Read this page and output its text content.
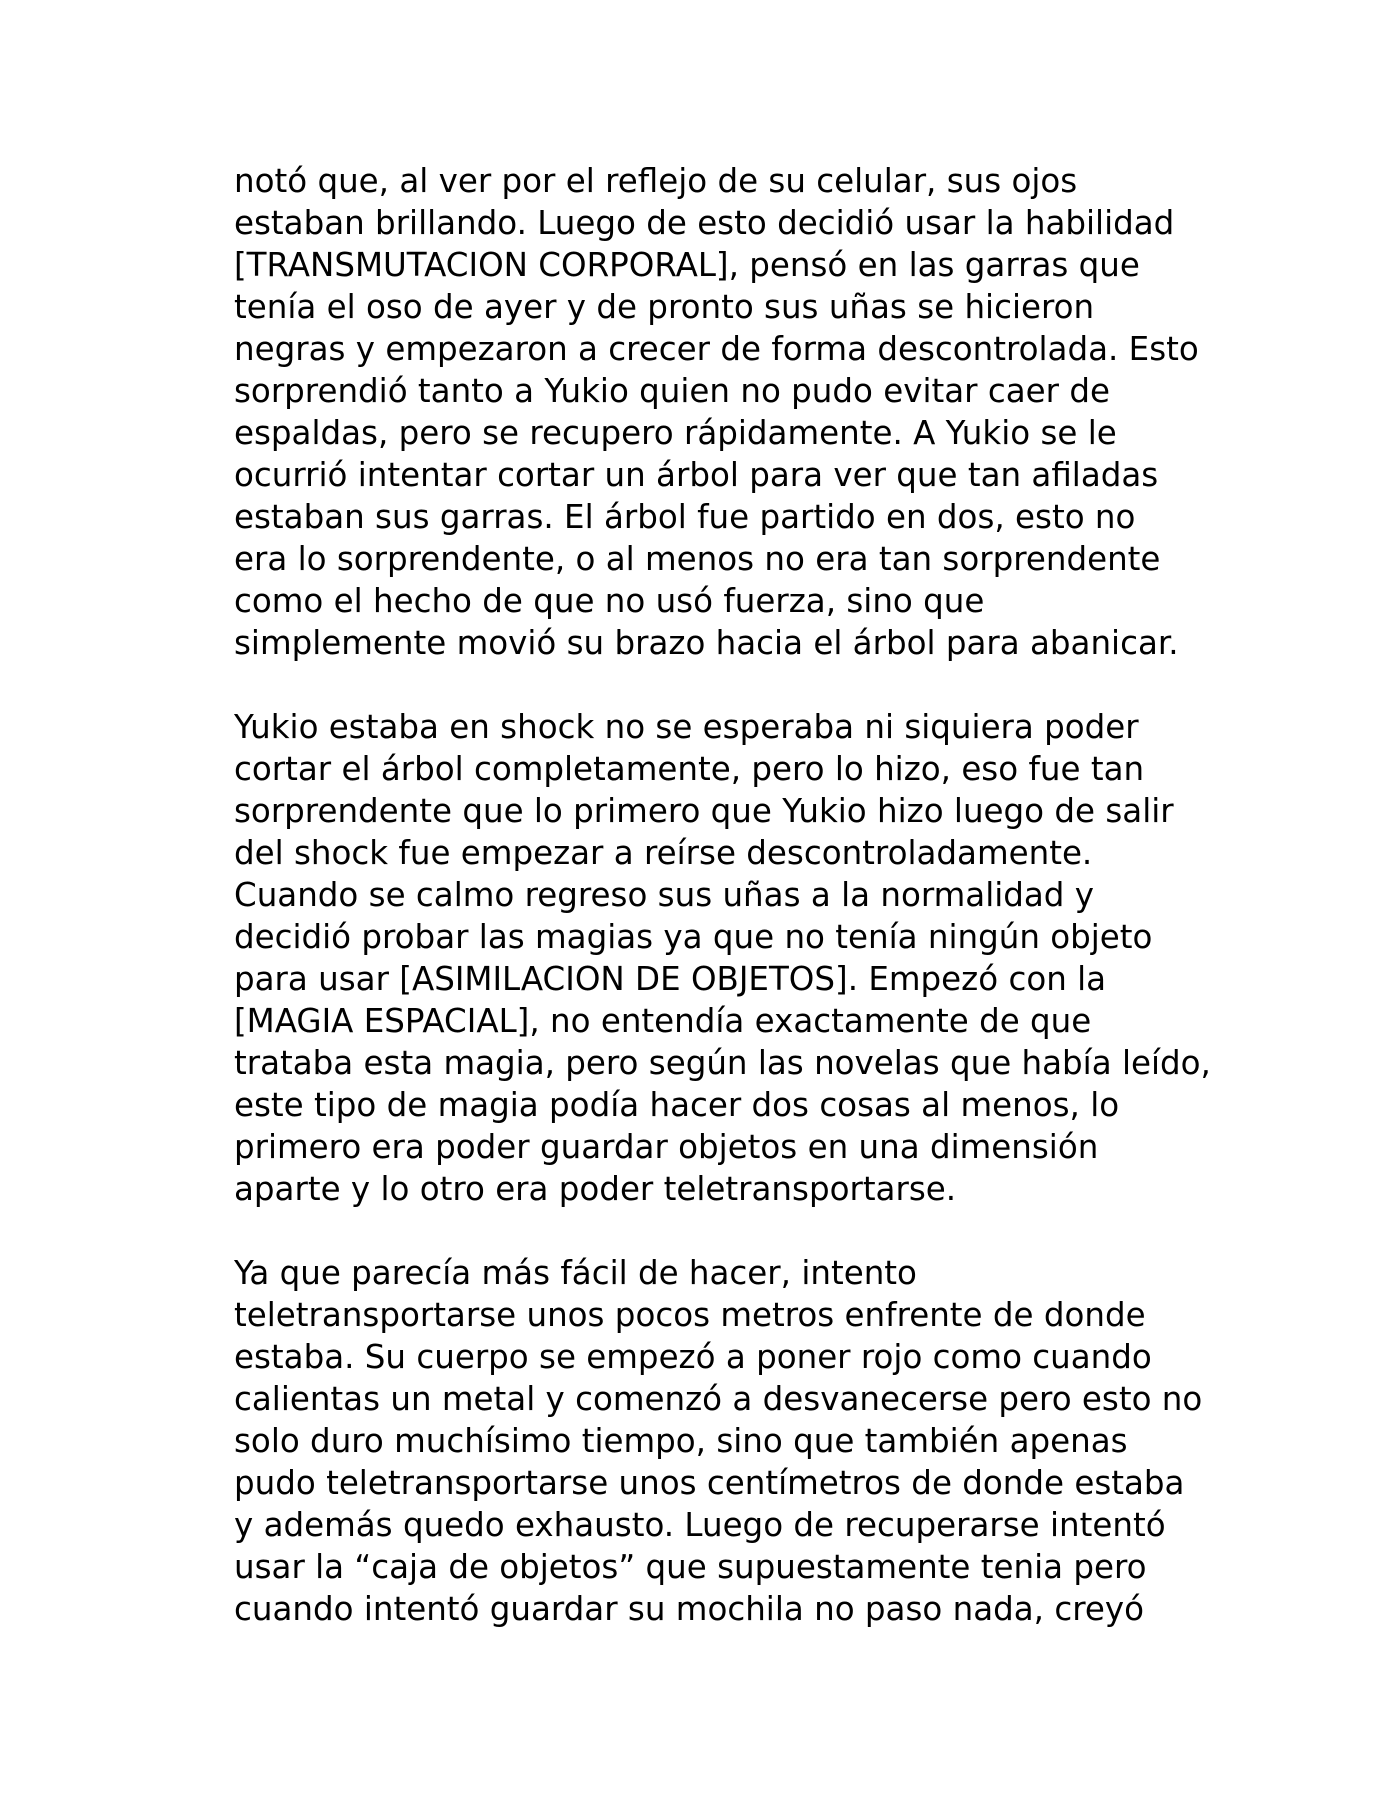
notó que, al ver por el reflejo de su celular, sus ojos
estaban brillando. Luego de esto decidió usar la habilidad
[TRANSMUTACION CORPORAL], pensó en las garras que
tenía el oso de ayer y de pronto sus uñas se hicieron
negras y empezaron a crecer de forma descontrolada. Esto
sorprendió tanto a Yukio quien no pudo evitar caer de
espaldas, pero se recupero rápidamente. A Yukio se le
ocurrió intentar cortar un árbol para ver que tan afiladas
estaban sus garras. El árbol fue partido en dos, esto no
era lo sorprendente, o al menos no era tan sorprendente
como el hecho de que no usó fuerza, sino que
simplemente movió su brazo hacia el árbol para abanicar.
Yukio estaba en shock no se esperaba ni siquiera poder
cortar el árbol completamente, pero lo hizo, eso fue tan
sorprendente que lo primero que Yukio hizo luego de salir
del shock fue empezar a reírse descontroladamente.
Cuando se calmo regreso sus uñas a la normalidad y
decidió probar las magias ya que no tenía ningún objeto
para usar [ASIMILACION DE OBJETOS]. Empezó con la
[MAGIA ESPACIAL], no entendía exactamente de que
trataba esta magia, pero según las novelas que había leído,
este tipo de magia podía hacer dos cosas al menos, lo
primero era poder guardar objetos en una dimensión
aparte y lo otro era poder teletransportarse.
Ya que parecía más fácil de hacer, intento
teletransportarse unos pocos metros enfrente de donde
estaba. Su cuerpo se empezó a poner rojo como cuando
calientas un metal y comenzó a desvanecerse pero esto no
solo duro muchísimo tiempo, sino que también apenas
pudo teletransportarse unos centímetros de donde estaba
y además quedo exhausto. Luego de recuperarse intentó
usar la “caja de objetos” que supuestamente tenia pero
cuando intentó guardar su mochila no paso nada, creyó
